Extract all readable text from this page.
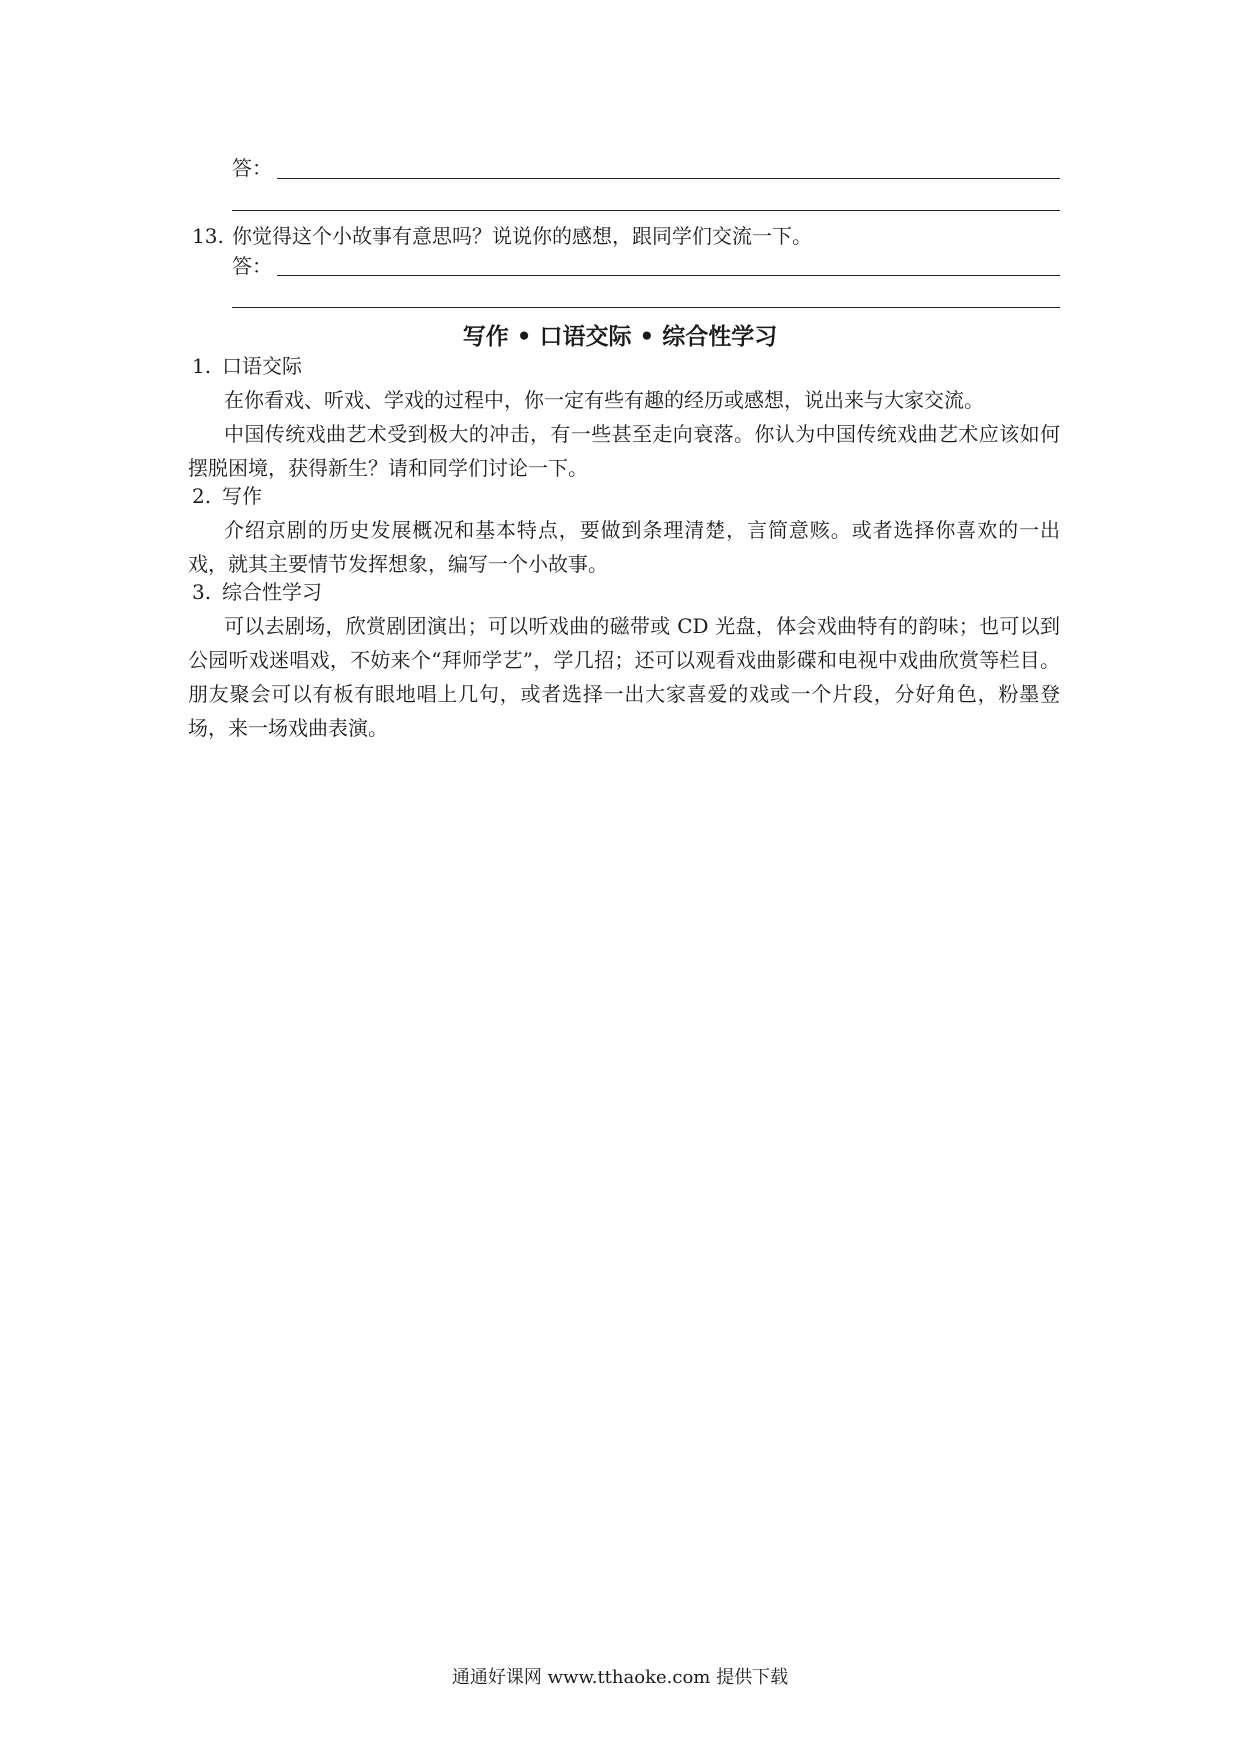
答：
13. 你觉得这个小故事有意思吗？说说你的感想，跟同学们交流一下。
答：
写作 • 口语交际 • 综合性学习
1. 口语交际
在你看戏、听戏、学戏的过程中，你一定有些有趣的经历或感想，说出来与大家交流。
中国传统戏曲艺术受到极大的冲击，有一些甚至走向衰落。你认为中国传统戏曲艺术应该如何摆脱困境，获得新生？请和同学们讨论一下。
2. 写作
介绍京剧的历史发展概况和基本特点，要做到条理清楚，言简意赅。或者选择你喜欢的一出戏，就其主要情节发挥想象，编写一个小故事。
3. 综合性学习
可以去剧场，欣赏剧团演出；可以听戏曲的磁带或 CD 光盘，体会戏曲特有的韵味；也可以到公园听戏迷唱戏，不妨来个“拜师学艺”，学几招；还可以观看戏曲影碟和电视中戏曲欣赏等栏目。朋友聚会可以有板有眼地唱上几句，或者选择一出大家喜爱的戏或一个片段，分好角色，粉墨登场，来一场戏曲表演。
通通好课网 www.tthaoke.com 提供下载
